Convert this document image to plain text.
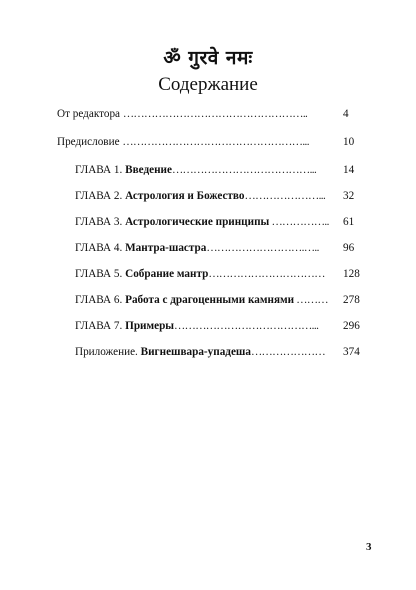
ॐ गुरवे नमः
Содержание
От редактора ……………………………………………..	4
Предисловие ……………………………………………...	10
ГЛАВА 1. Введение…………………………………... 14
ГЛАВА 2. Астрология и Божество…………………... 32
ГЛАВА 3. Астрологические принципы …………….. 61
ГЛАВА 4. Мантра-шастра……………………….….. 96
ГЛАВА 5. Собрание мантр…………………………… 128
ГЛАВА 6. Работа с драгоценными камнями ……… 278
ГЛАВА 7. Примеры…………………………………... 296
Приложение. Вигнешвара-упадеша………………… 374
3
